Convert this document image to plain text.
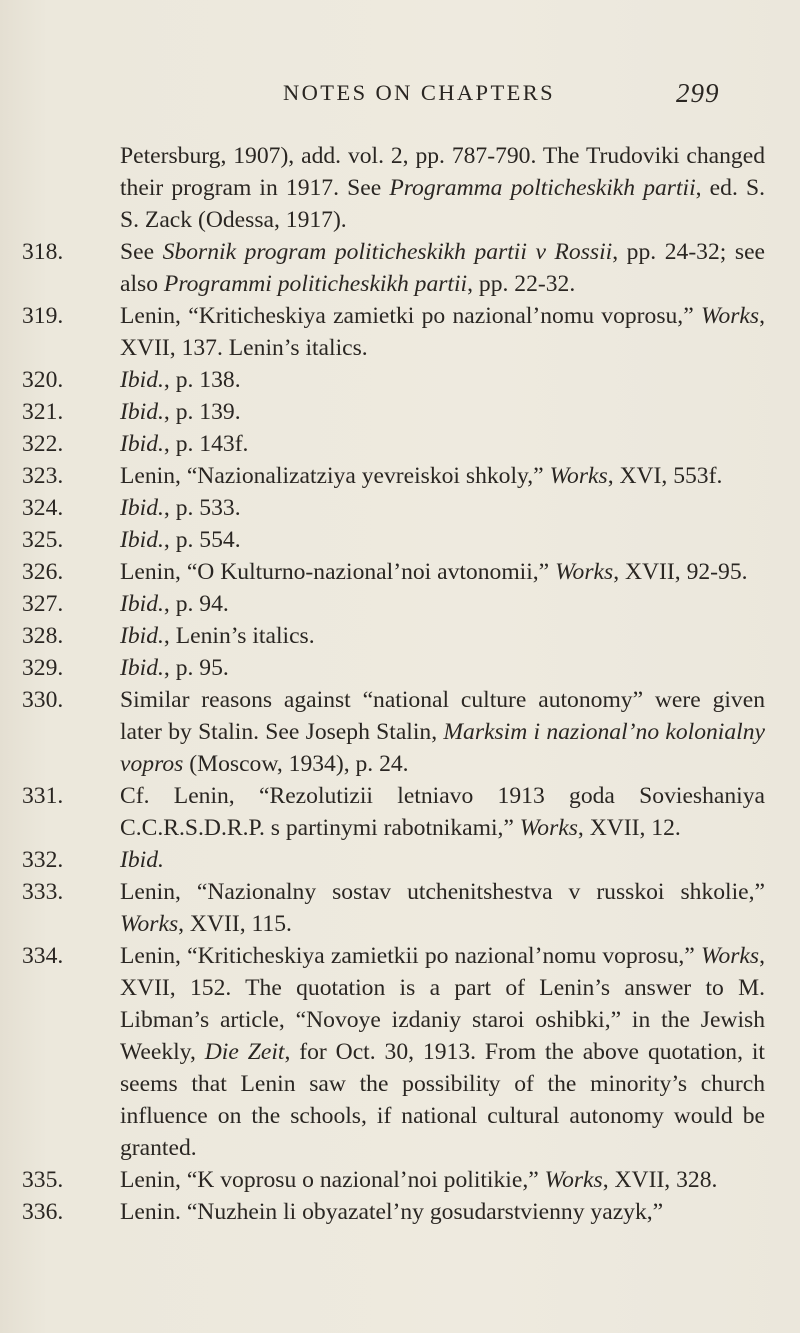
NOTES ON CHAPTERS	299
Petersburg, 1907), add. vol. 2, pp. 787-790. The Trudoviki changed their program in 1917. See Programma polticheskikh partii, ed. S. S. Zack (Odessa, 1917).
318.	See Sbornik program politicheskikh partii v Rossii, pp. 24-32; see also Programmi politicheskikh partii, pp. 22-32.
319.	Lenin, “Kriticheskiya zamietki po nazional’nomu voprosu,” Works, XVII, 137. Lenin’s italics.
320.	Ibid., p. 138.
321.	Ibid., p. 139.
322.	Ibid., p. 143f.
323.	Lenin, “Nazionalizatziya yevreiskoi shkoly,” Works, XVI, 553f.
324.	Ibid., p. 533.
325.	Ibid., p. 554.
326.	Lenin, “O Kulturno-nazional’noi avtonomii,” Works, XVII, 92-95.
327.	Ibid., p. 94.
328.	Ibid., Lenin’s italics.
329.	Ibid., p. 95.
330.	Similar reasons against “national culture autonomy” were given later by Stalin. See Joseph Stalin, Marksim i nazional’no kolonialny vopros (Moscow, 1934), p. 24.
331.	Cf. Lenin, “Rezolutizii letniavo 1913 goda Sovieshaniya C.C.R.S.D.R.P. s partinymi rabotnikami,” Works, XVII, 12.
332.	Ibid.
333.	Lenin, “Nazionalny sostav utchenitshestva v russkoi shkolie,” Works, XVII, 115.
334.	Lenin, “Kriticheskiya zamietkii po nazional’nomu voprosu,” Works, XVII, 152. The quotation is a part of Lenin’s answer to M. Libman’s article, “Novoye izdaniy staroi oshibki,” in the Jewish Weekly, Die Zeit, for Oct. 30, 1913. From the above quotation, it seems that Lenin saw the possibility of the minority’s church influence on the schools, if national cultural autonomy would be granted.
335.	Lenin, “K voprosu o nazional’noi politikie,” Works, XVII, 328.
336.	Lenin. “Nuzhein li obyazatel’ny gosudarstvienny yazyk,”
